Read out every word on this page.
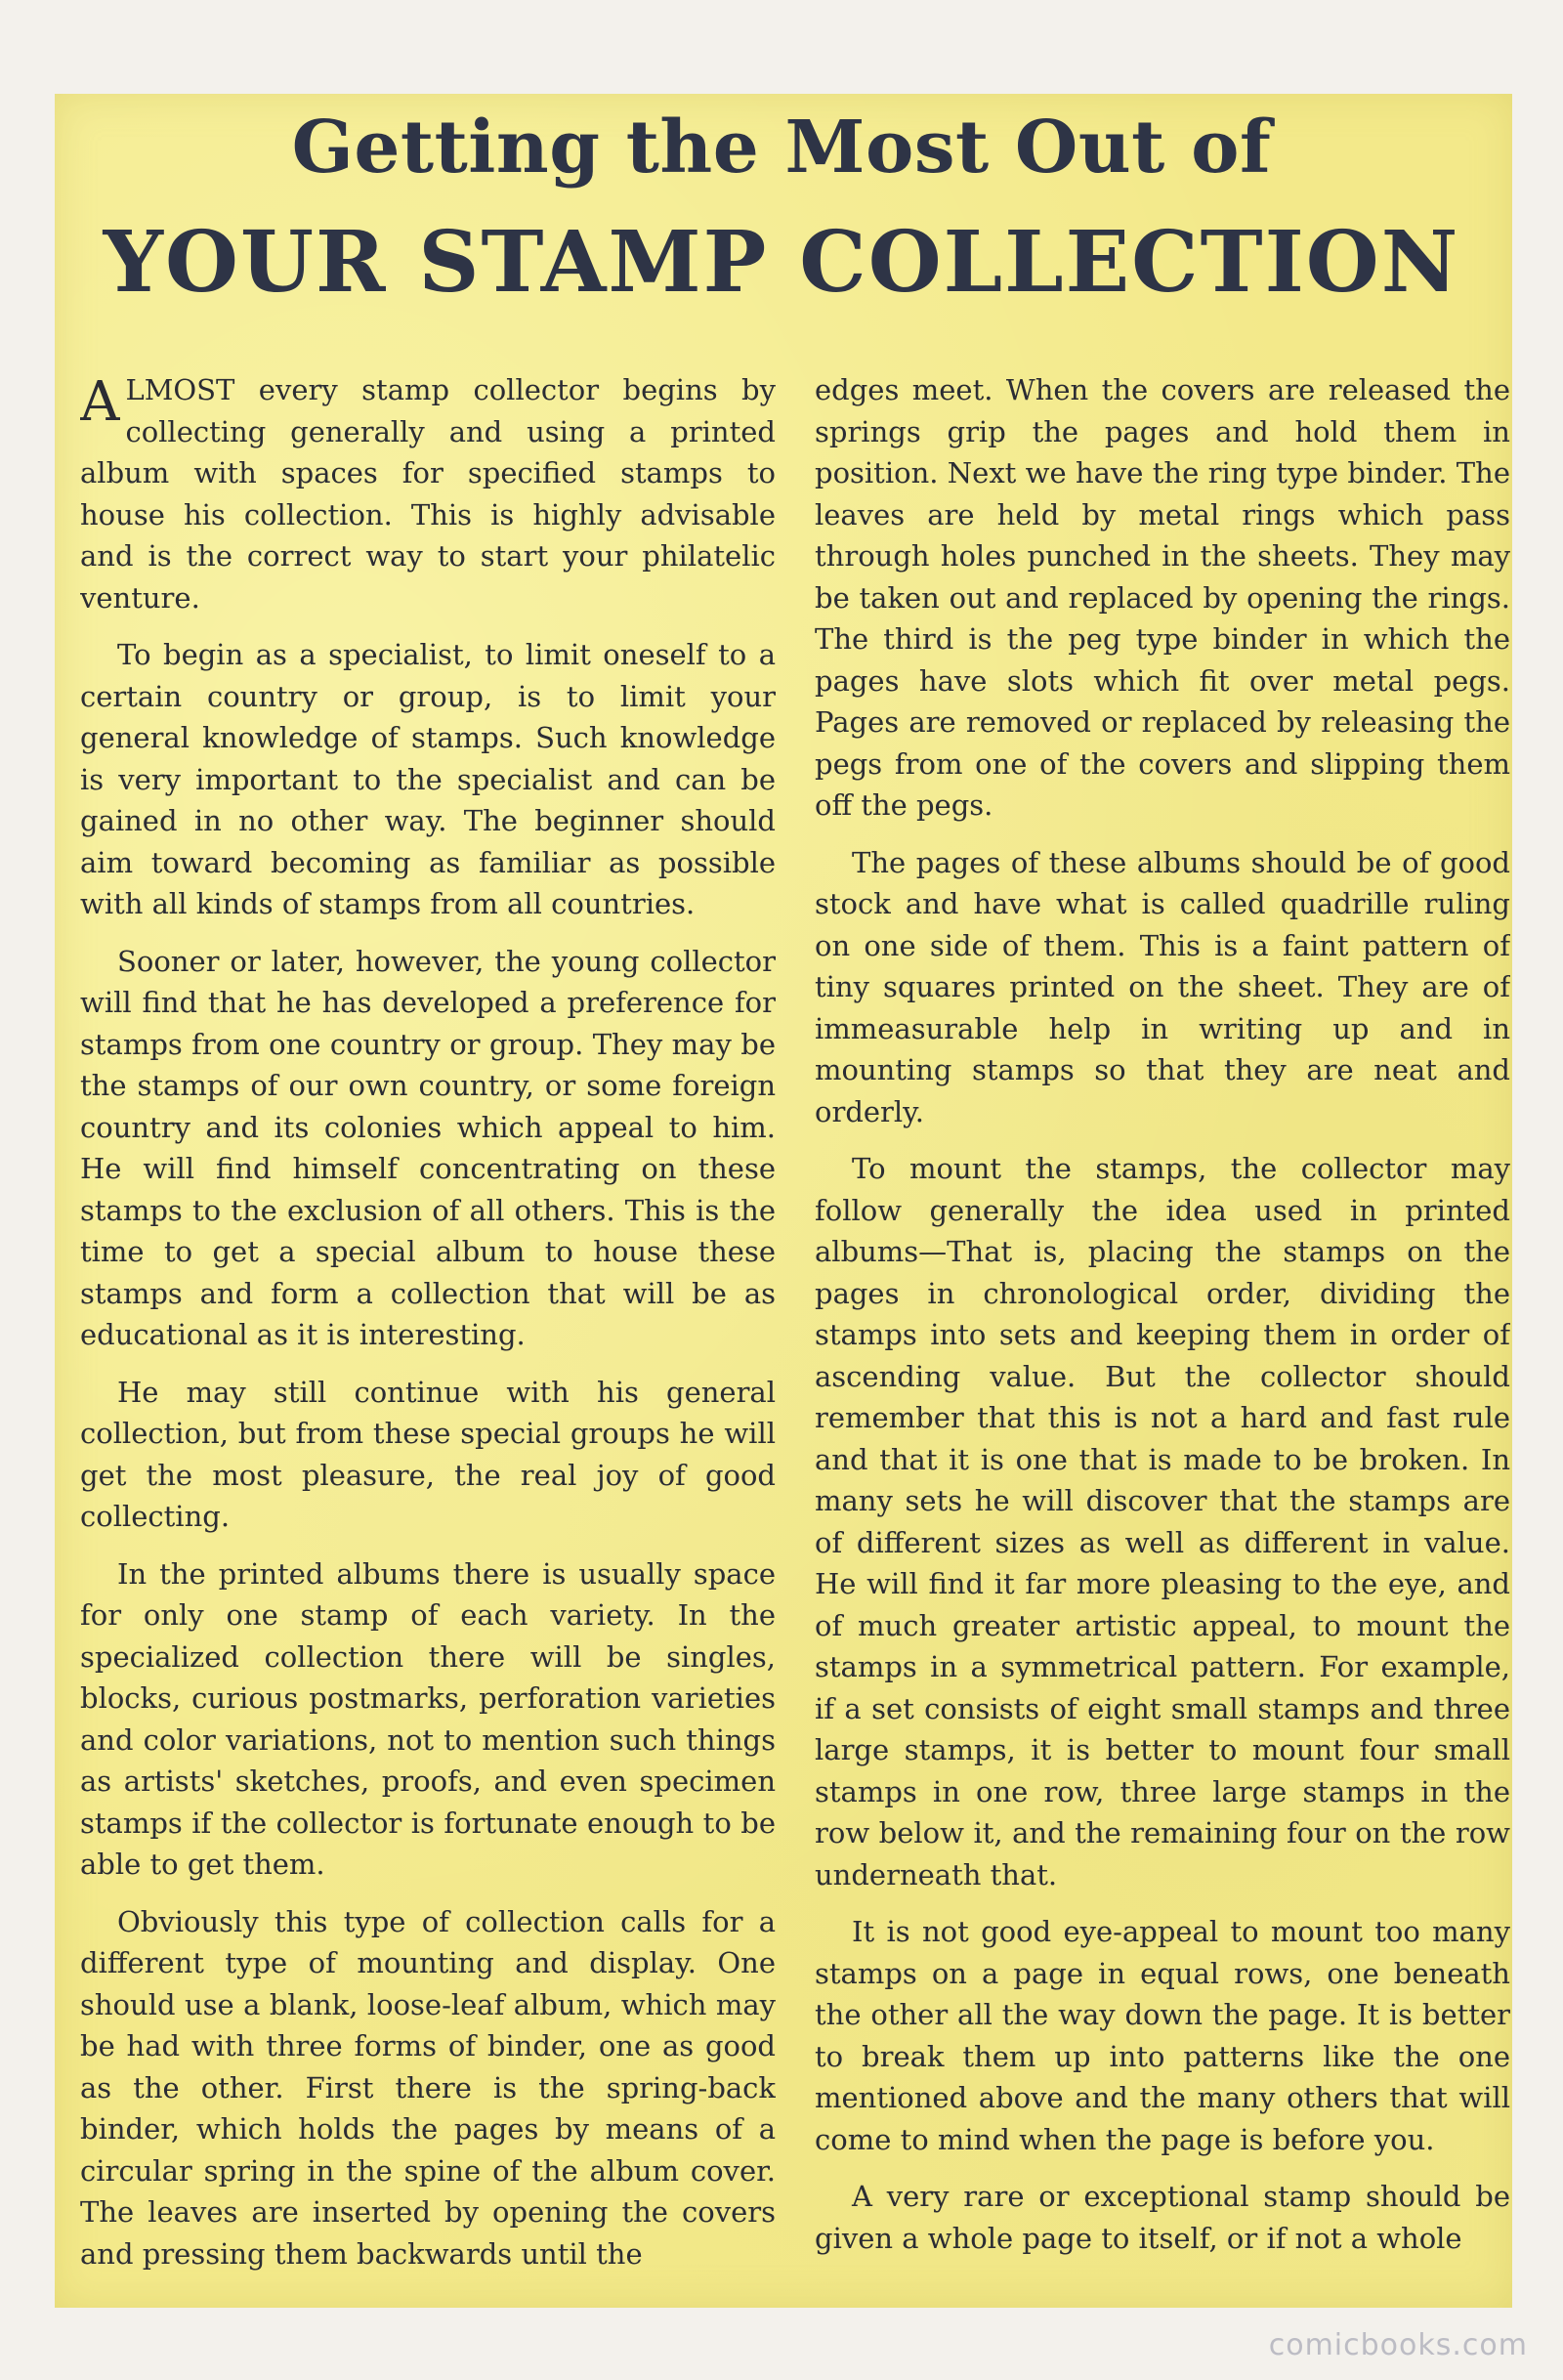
Getting the Most Out of
YOUR STAMP COLLECTION

ALMOST every stamp collector begins by collecting generally and using a printed album with spaces for specified stamps to house his collection. This is highly advisable and is the correct way to start your philatelic venture.

To begin as a specialist, to limit oneself to a certain country or group, is to limit your general knowledge of stamps. Such knowledge is very important to the specialist and can be gained in no other way. The beginner should aim toward becoming as familiar as possible with all kinds of stamps from all countries.

Sooner or later, however, the young collector will find that he has developed a preference for stamps from one country or group. They may be the stamps of our own country, or some foreign country and its colonies which appeal to him. He will find himself concentrating on these stamps to the exclusion of all others. This is the time to get a special album to house these stamps and form a collection that will be as educational as it is interesting.

He may still continue with his general collection, but from these special groups he will get the most pleasure, the real joy of good collecting.

In the printed albums there is usually space for only one stamp of each variety. In the specialized collection there will be singles, blocks, curious postmarks, perforation varieties and color variations, not to mention such things as artists' sketches, proofs, and even specimen stamps if the collector is fortunate enough to be able to get them.

Obviously this type of collection calls for a different type of mounting and display. One should use a blank, loose-leaf album, which may be had with three forms of binder, one as good as the other. First there is the spring-back binder, which holds the pages by means of a circular spring in the spine of the album cover. The leaves are inserted by opening the covers and pressing them backwards until the

edges meet. When the covers are released the springs grip the pages and hold them in position. Next we have the ring type binder. The leaves are held by metal rings which pass through holes punched in the sheets. They may be taken out and replaced by opening the rings. The third is the peg type binder in which the pages have slots which fit over metal pegs. Pages are removed or replaced by releasing the pegs from one of the covers and slipping them off the pegs.

The pages of these albums should be of good stock and have what is called quadrille ruling on one side of them. This is a faint pattern of tiny squares printed on the sheet. They are of immeasurable help in writing up and in mounting stamps so that they are neat and orderly.

To mount the stamps, the collector may follow generally the idea used in printed albums—That is, placing the stamps on the pages in chronological order, dividing the stamps into sets and keeping them in order of ascending value. But the collector should remember that this is not a hard and fast rule and that it is one that is made to be broken. In many sets he will discover that the stamps are of different sizes as well as different in value. He will find it far more pleasing to the eye, and of much greater artistic appeal, to mount the stamps in a symmetrical pattern. For example, if a set consists of eight small stamps and three large stamps, it is better to mount four small stamps in one row, three large stamps in the row below it, and the remaining four on the row underneath that.

It is not good eye-appeal to mount too many stamps on a page in equal rows, one beneath the other all the way down the page. It is better to break them up into patterns like the one mentioned above and the many others that will come to mind when the page is before you.

A very rare or exceptional stamp should be given a whole page to itself, or if not a whole

comicbooks.com
